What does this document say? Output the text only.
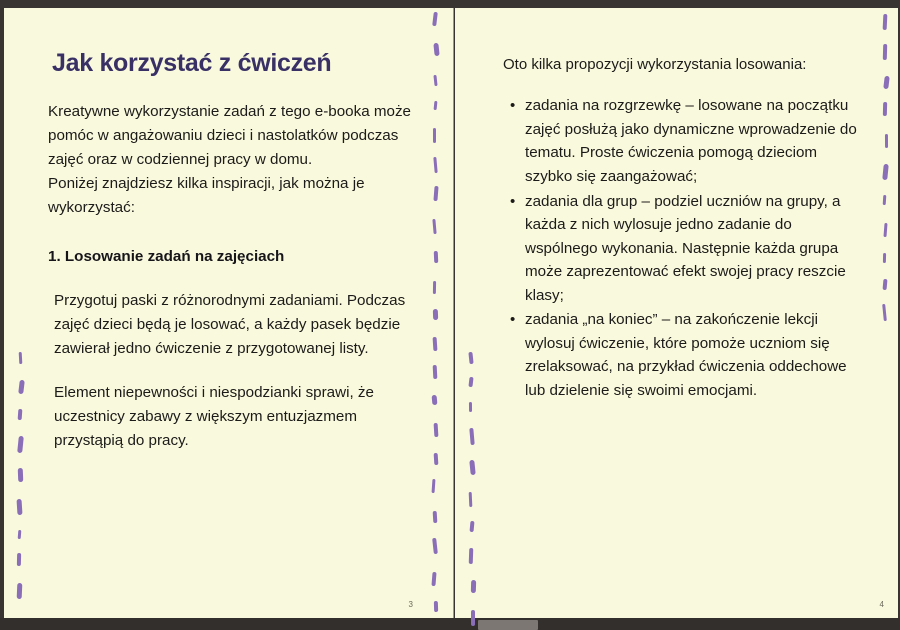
Jak korzystać z ćwiczeń

Kreatywne wykorzystanie zadań z tego e-booka może pomóc w angażowaniu dzieci i nastolatków podczas zajęć oraz w codziennej pracy w domu.

Poniżej znajdziesz kilka inspiracji, jak można je wykorzystać:

1. Losowanie zadań na zajęciach

Przygotuj paski z różnorodnymi zadaniami. Podczas zajęć dzieci będą je losować, a każdy pasek będzie zawierał jedno ćwiczenie z przygotowanej listy.

Element niepewności i niespodzianki sprawi, że uczestnicy zabawy z większym entuzjazmem przystąpią do pracy.

3

Oto kilka propozycji wykorzystania losowania:

• zadania na rozgrzewkę – losowane na początku zajęć posłużą jako dynamiczne wprowadzenie do tematu. Proste ćwiczenia pomogą dzieciom szybko się zaangażować;
• zadania dla grup – podziel uczniów na grupy, a każda z nich wylosuje jedno zadanie do wspólnego wykonania. Następnie każda grupa może zaprezentować efekt swojej pracy reszcie klasy;
• zadania „na koniec” – na zakończenie lekcji wylosuj ćwiczenie, które pomoże uczniom się zrelaksować, na przykład ćwiczenia oddechowe lub dzielenie się swoimi emocjami.
4
